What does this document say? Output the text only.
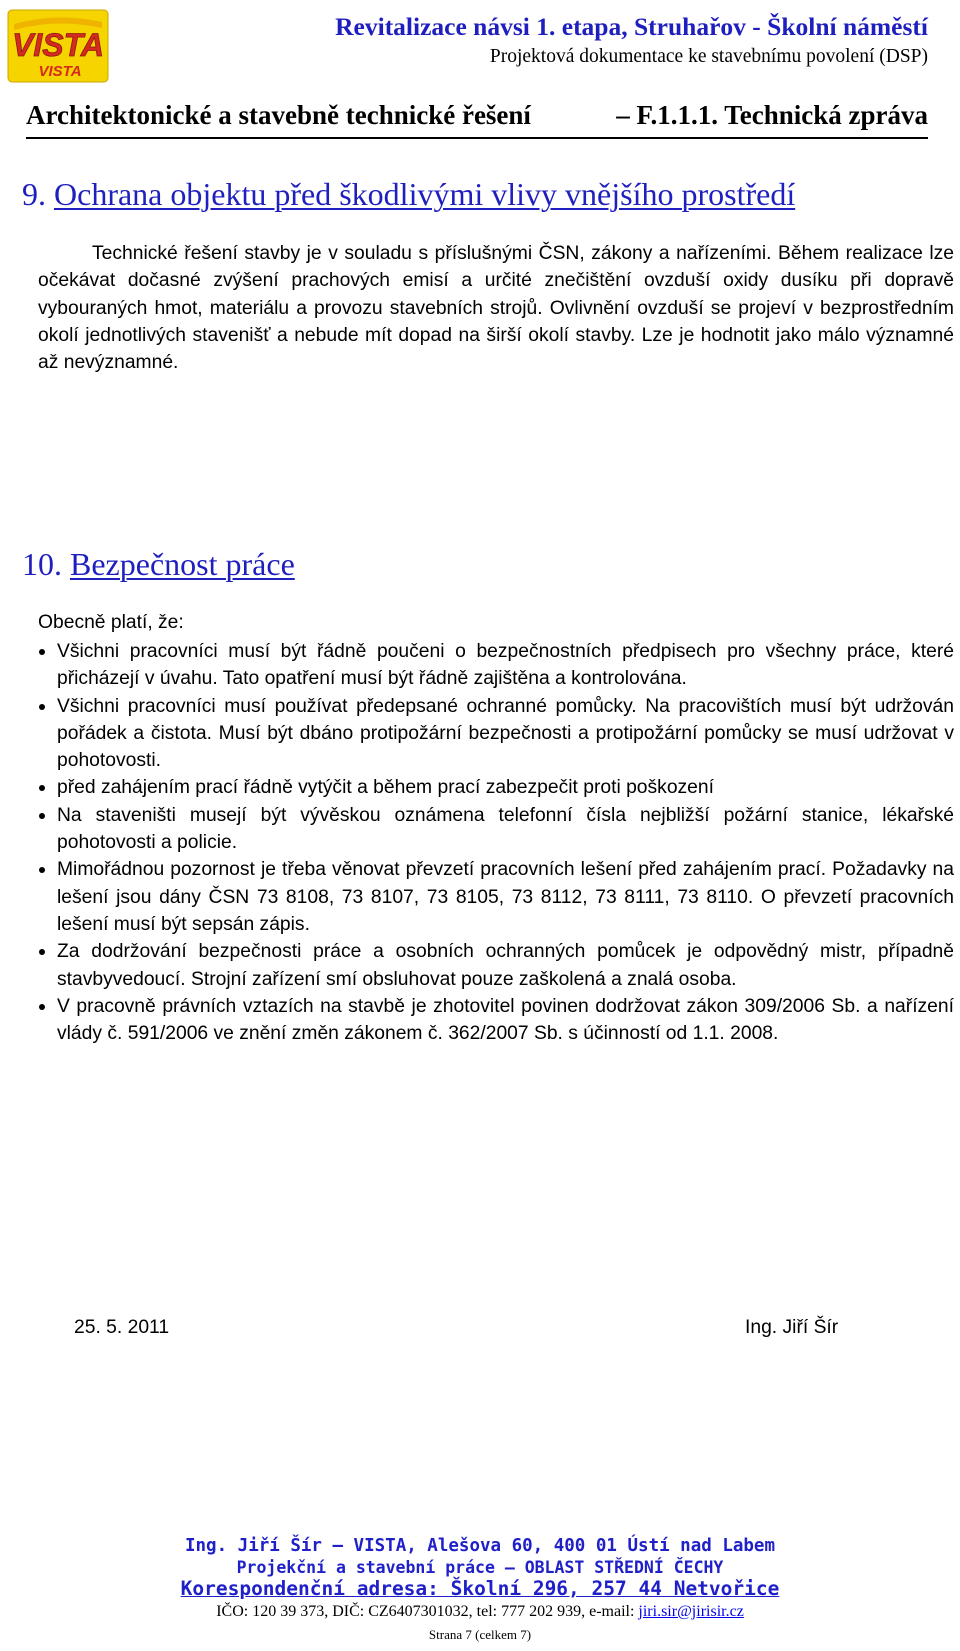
VISTA
VISTA
Revitalizace návsi 1. etapa, Struhařov - Školní náměstí
Projektová dokumentace ke stavebnímu povolení (DSP)
Architektonické a stavebně technické řešení	– F.1.1.1. Technická zpráva
9. Ochrana objektu před škodlivými vlivy vnějšího prostředí

Technické řešení stavby je v souladu s příslušnými ČSN, zákony a nařízeními. Během realizace lze očekávat dočasné zvýšení prachových emisí a určité znečištění ovzduší oxidy dusíku při dopravě vybouraných hmot, materiálu a provozu stavebních strojů. Ovlivnění ovzduší se projeví v bezprostředním okolí jednotlivých stavenišť a nebude mít dopad na širší okolí stavby. Lze je hodnotit jako málo významné až nevýznamné.

10. Bezpečnost práce

Obecně platí, že:

Všichni pracovníci musí být řádně poučeni o bezpečnostních předpisech pro všechny práce, které přicházejí v úvahu. Tato opatření musí být řádně zajištěna a kontrolována.
Všichni pracovníci musí používat předepsané ochranné pomůcky. Na pracovištích musí být udržován pořádek a čistota. Musí být dbáno protipožární bezpečnosti a protipožární pomůcky se musí udržovat v pohotovosti.
před zahájením prací řádně vytýčit a během prací zabezpečit proti poškození
Na staveništi musejí být vývěskou oznámena telefonní čísla nejbližší požární stanice, lékařské pohotovosti a policie.
Mimořádnou pozornost je třeba věnovat převzetí pracovních lešení před zahájením prací. Požadavky na lešení jsou dány ČSN 73 8108, 73 8107, 73 8105, 73 8112, 73 8111, 73 8110. O převzetí pracovních lešení musí být sepsán zápis.
Za dodržování bezpečnosti práce a osobních ochranných pomůcek je odpovědný mistr, případně stavbyvedoucí. Strojní zařízení smí obsluhovat pouze zaškolená a znalá osoba.
V pracovně právních vztazích na stavbě je zhotovitel povinen dodržovat zákon 309/2006 Sb. a nařízení vlády č. 591/2006 ve znění změn zákonem č. 362/2007 Sb. s účinností od 1.1. 2008.
25. 5. 2011	Ing. Jiří Šír
Ing. Jiří Šír – VISTA, Alešova 60, 400 01 Ústí nad Labem
Projekční a stavební práce – OBLAST STŘEDNÍ ČECHY
Korespondenční adresa: Školní 296, 257 44 Netvořice
IČO: 120 39 373, DIČ: CZ6407301032, tel: 777 202 939, e-mail: jiri.sir@jirisir.cz
Strana 7 (celkem 7)
